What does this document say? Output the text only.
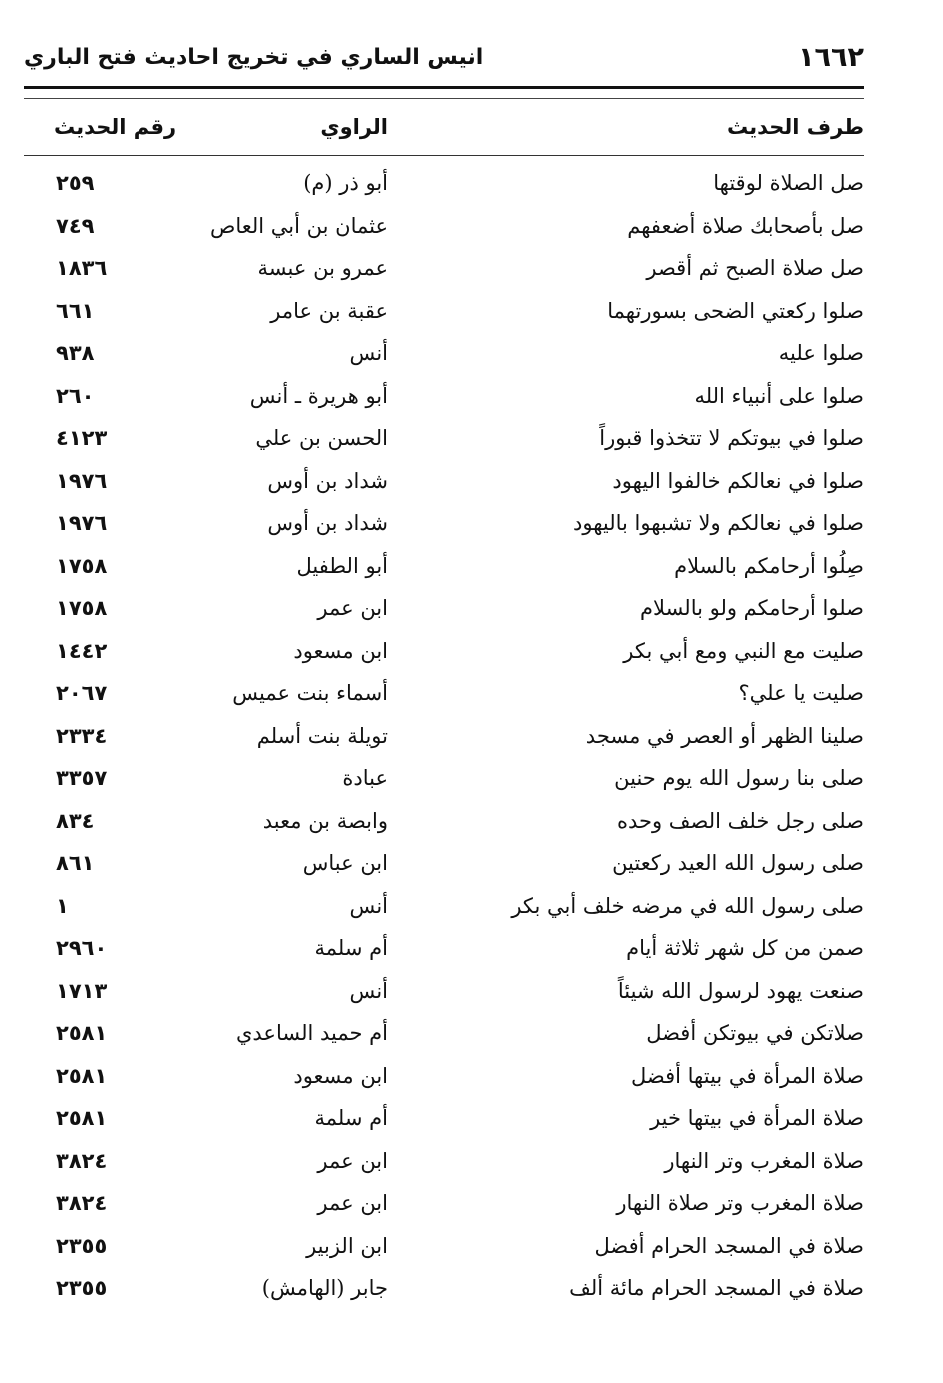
١٦٦٢
انيس الساري في تخريج احاديث فتح الباري
طرف الحديث
الراوي
رقم الحديث
صل الصلاة لوقتها
أبو ذر (م)
٢٥٩
صل بأصحابك صلاة أضعفهم
عثمان بن أبي العاص
٧٤٩
صل صلاة الصبح ثم أقصر
عمرو بن عبسة
١٨٣٦
صلوا ركعتي الضحى بسورتهما
عقبة بن عامر
٦٦١
صلوا عليه
أنس
٩٣٨
صلوا على أنبياء الله
أبو هريرة ـ أنس
٢٦٠
صلوا في بيوتكم لا تتخذوا قبوراً
الحسن بن علي
٤١٢٣
صلوا في نعالكم خالفوا اليهود
شداد بن أوس
١٩٧٦
صلوا في نعالكم ولا تشبهوا باليهود
شداد بن أوس
١٩٧٦
صِلُوا أرحامكم بالسلام
أبو الطفيل
١٧٥٨
صلوا أرحامكم ولو بالسلام
ابن عمر
١٧٥٨
صليت مع النبي ومع أبي بكر
ابن مسعود
١٤٤٢
صليت يا علي؟
أسماء بنت عميس
٢٠٦٧
صلينا الظهر أو العصر في مسجد
تويلة بنت أسلم
٢٣٣٤
صلى بنا رسول الله يوم حنين
عبادة
٣٣٥٧
صلى رجل خلف الصف وحده
وابصة بن معبد
٨٣٤
صلى رسول الله العيد ركعتين
ابن عباس
٨٦١
صلى رسول الله في مرضه خلف أبي بكر
أنس
١
صمن من كل شهر ثلاثة أيام
أم سلمة
٢٩٦٠
صنعت يهود لرسول الله شيئاً
أنس
١٧١٣
صلاتكن في بيوتكن أفضل
أم حميد الساعدي
٢٥٨١
صلاة المرأة في بيتها أفضل
ابن مسعود
٢٥٨١
صلاة المرأة في بيتها خير
أم سلمة
٢٥٨١
صلاة المغرب وتر النهار
ابن عمر
٣٨٢٤
صلاة المغرب وتر صلاة النهار
ابن عمر
٣٨٢٤
صلاة في المسجد الحرام أفضل
ابن الزبير
٢٣٥٥
صلاة في المسجد الحرام مائة ألف
جابر (الهامش)
٢٣٥٥
